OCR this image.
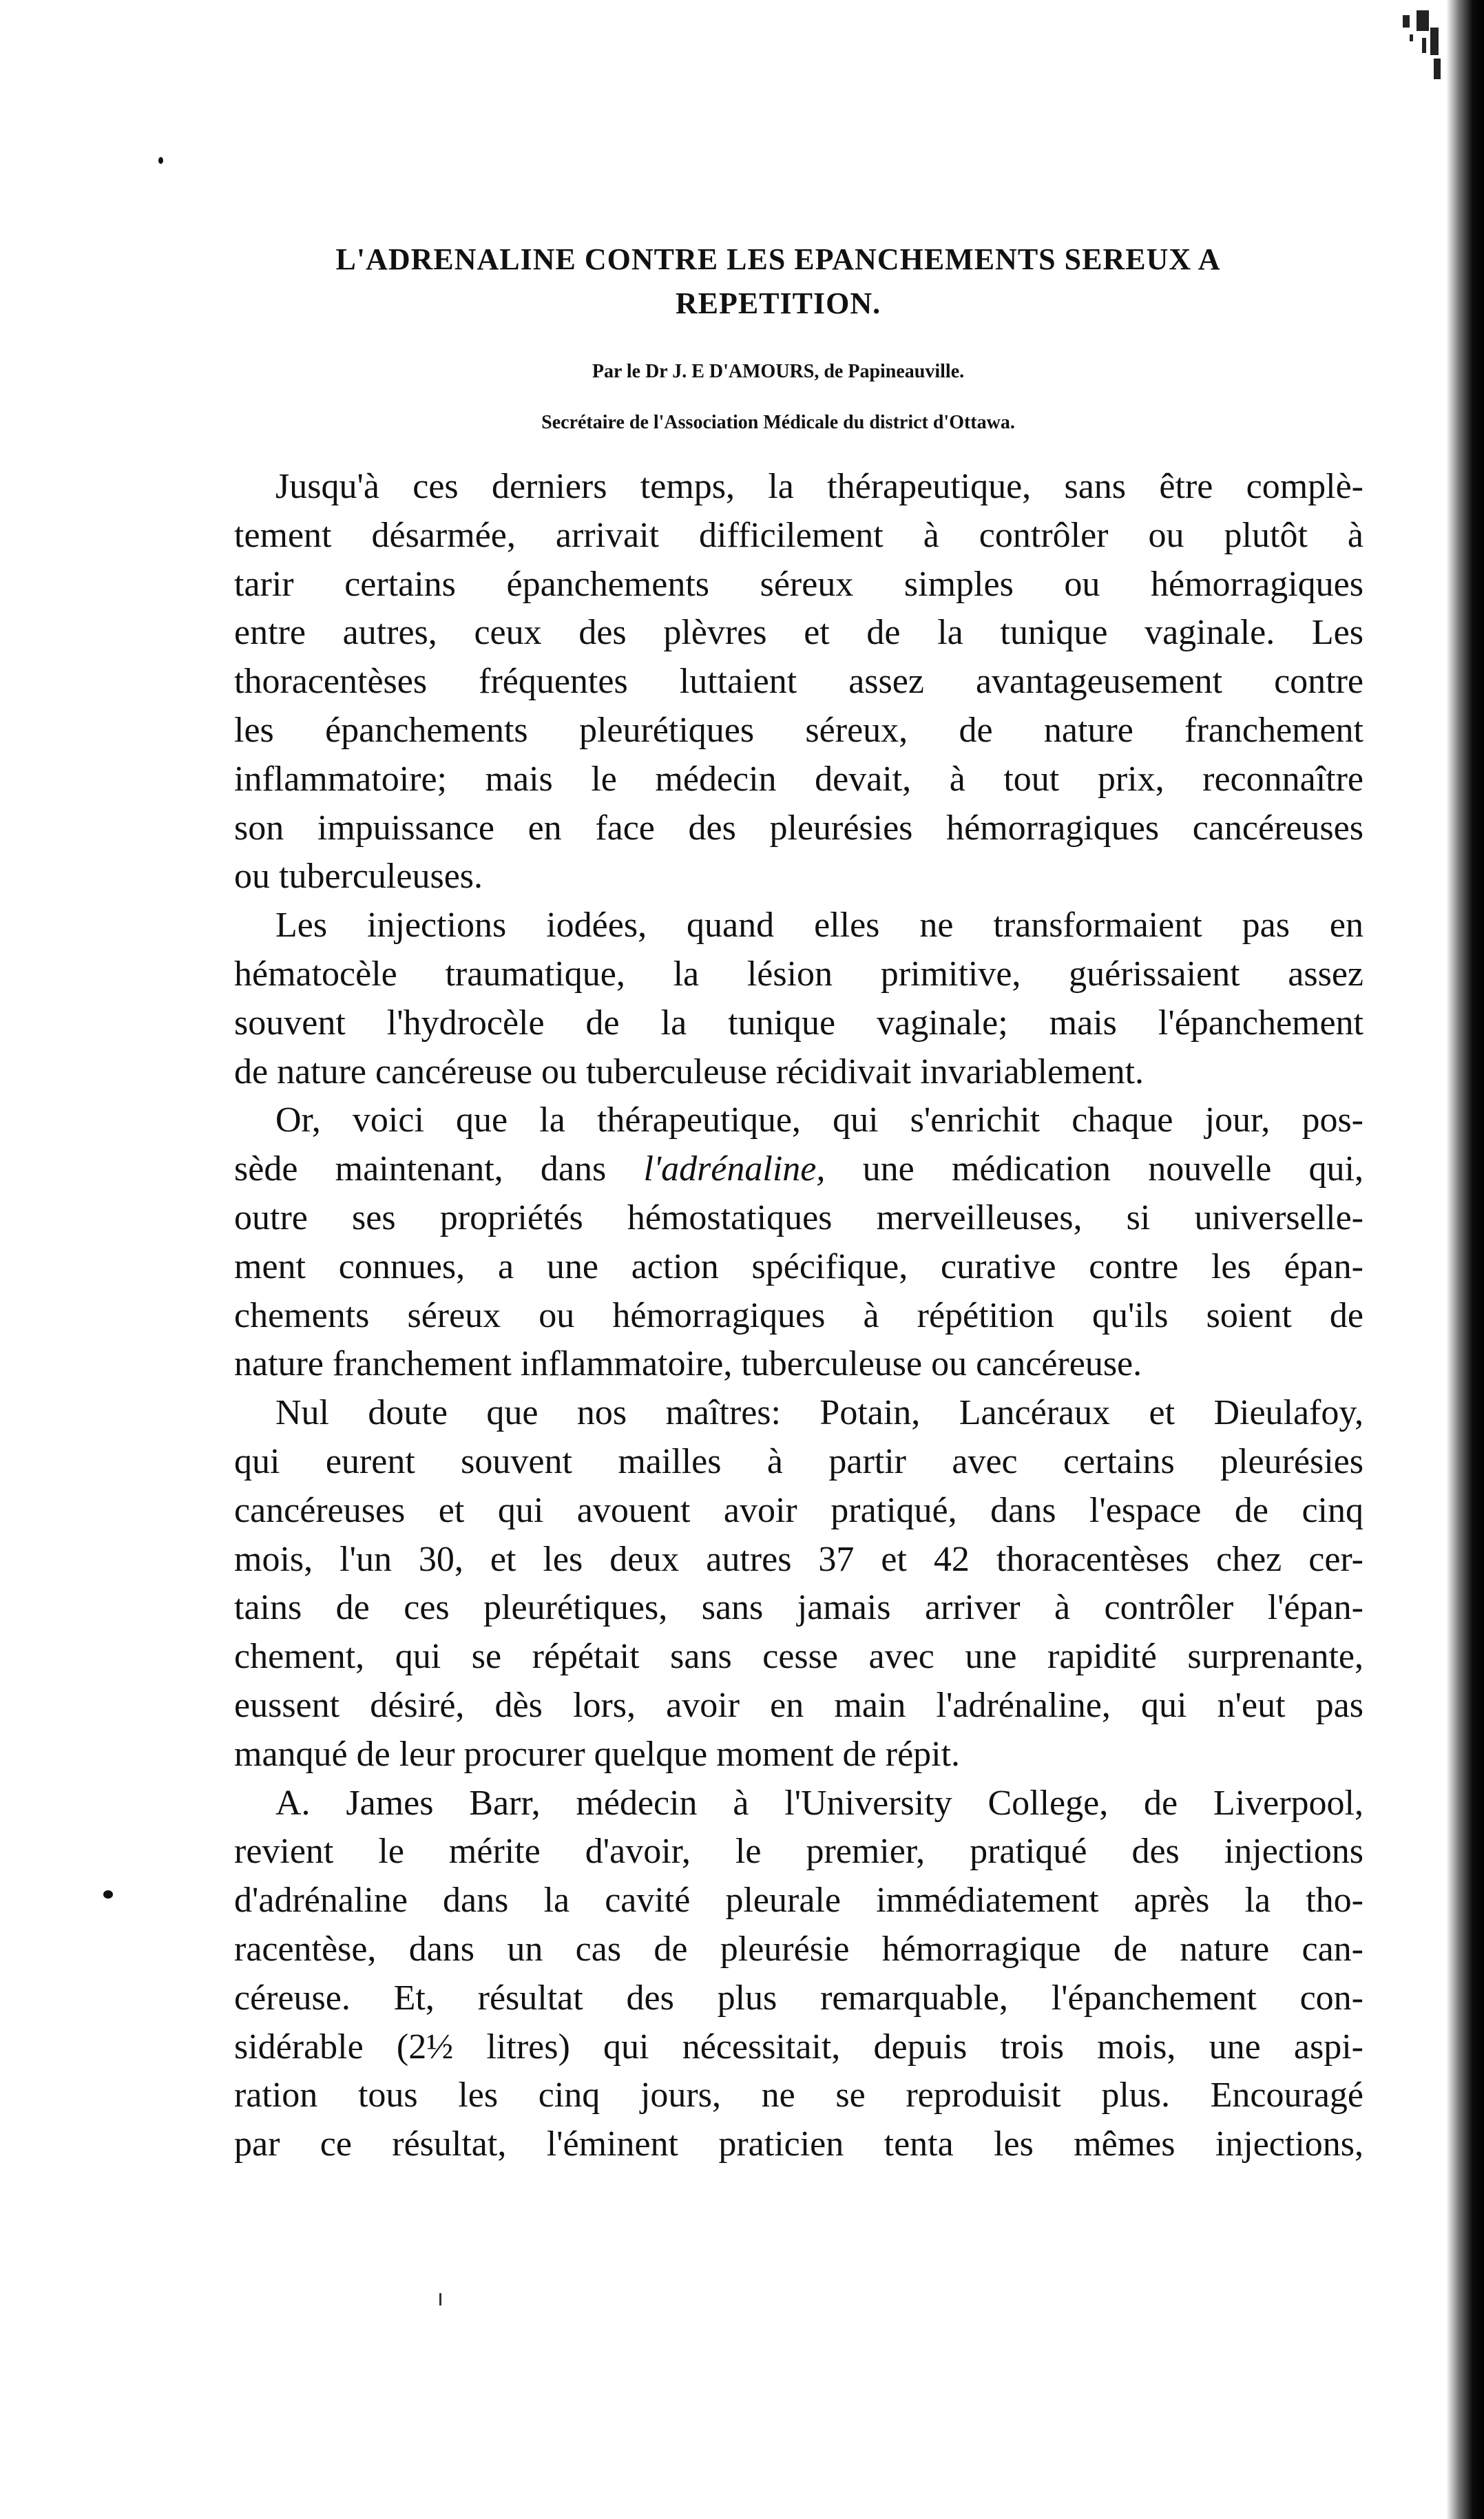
L'ADRENALINE CONTRE LES EPANCHEMENTS SEREUX A
REPETITION.
Par le Dr J. E D'AMOURS, de Papineauville.
Secrétaire de l'Association Médicale du district d'Ottawa.
Jusqu'à ces derniers temps, la thérapeutique, sans être complè-
tement désarmée, arrivait difficilement à contrôler ou plutôt à
tarir certains épanchements séreux simples ou hémorragiques
entre autres, ceux des plèvres et de la tunique vaginale. Les
thoracentèses fréquentes luttaient assez avantageusement contre
les épanchements pleurétiques séreux, de nature franchement
inflammatoire; mais le médecin devait, à tout prix, reconnaître
son impuissance en face des pleurésies hémorragiques cancéreuses
ou tuberculeuses.
Les injections iodées, quand elles ne transformaient pas en
hématocèle traumatique, la lésion primitive, guérissaient assez
souvent l'hydrocèle de la tunique vaginale; mais l'épanchement
de nature cancéreuse ou tuberculeuse récidivait invariablement.
Or, voici que la thérapeutique, qui s'enrichit chaque jour, pos-
sède maintenant, dans l'adrénaline, une médication nouvelle qui,
outre ses propriétés hémostatiques merveilleuses, si universelle-
ment connues, a une action spécifique, curative contre les épan-
chements séreux ou hémorragiques à répétition qu'ils soient de
nature franchement inflammatoire, tuberculeuse ou cancéreuse.
Nul doute que nos maîtres: Potain, Lancéraux et Dieulafoy,
qui eurent souvent mailles à partir avec certains pleurésies
cancéreuses et qui avouent avoir pratiqué, dans l'espace de cinq
mois, l'un 30, et les deux autres 37 et 42 thoracentèses chez cer-
tains de ces pleurétiques, sans jamais arriver à contrôler l'épan-
chement, qui se répétait sans cesse avec une rapidité surprenante,
eussent désiré, dès lors, avoir en main l'adrénaline, qui n'eut pas
manqué de leur procurer quelque moment de répit.
A. James Barr, médecin à l'University College, de Liverpool,
revient le mérite d'avoir, le premier, pratiqué des injections
d'adrénaline dans la cavité pleurale immédiatement après la tho-
racentèse, dans un cas de pleurésie hémorragique de nature can-
céreuse. Et, résultat des plus remarquable, l'épanchement con-
sidérable (2½ litres) qui nécessitait, depuis trois mois, une aspi-
ration tous les cinq jours, ne se reproduisit plus. Encouragé
par ce résultat, l'éminent praticien tenta les mêmes injections,
